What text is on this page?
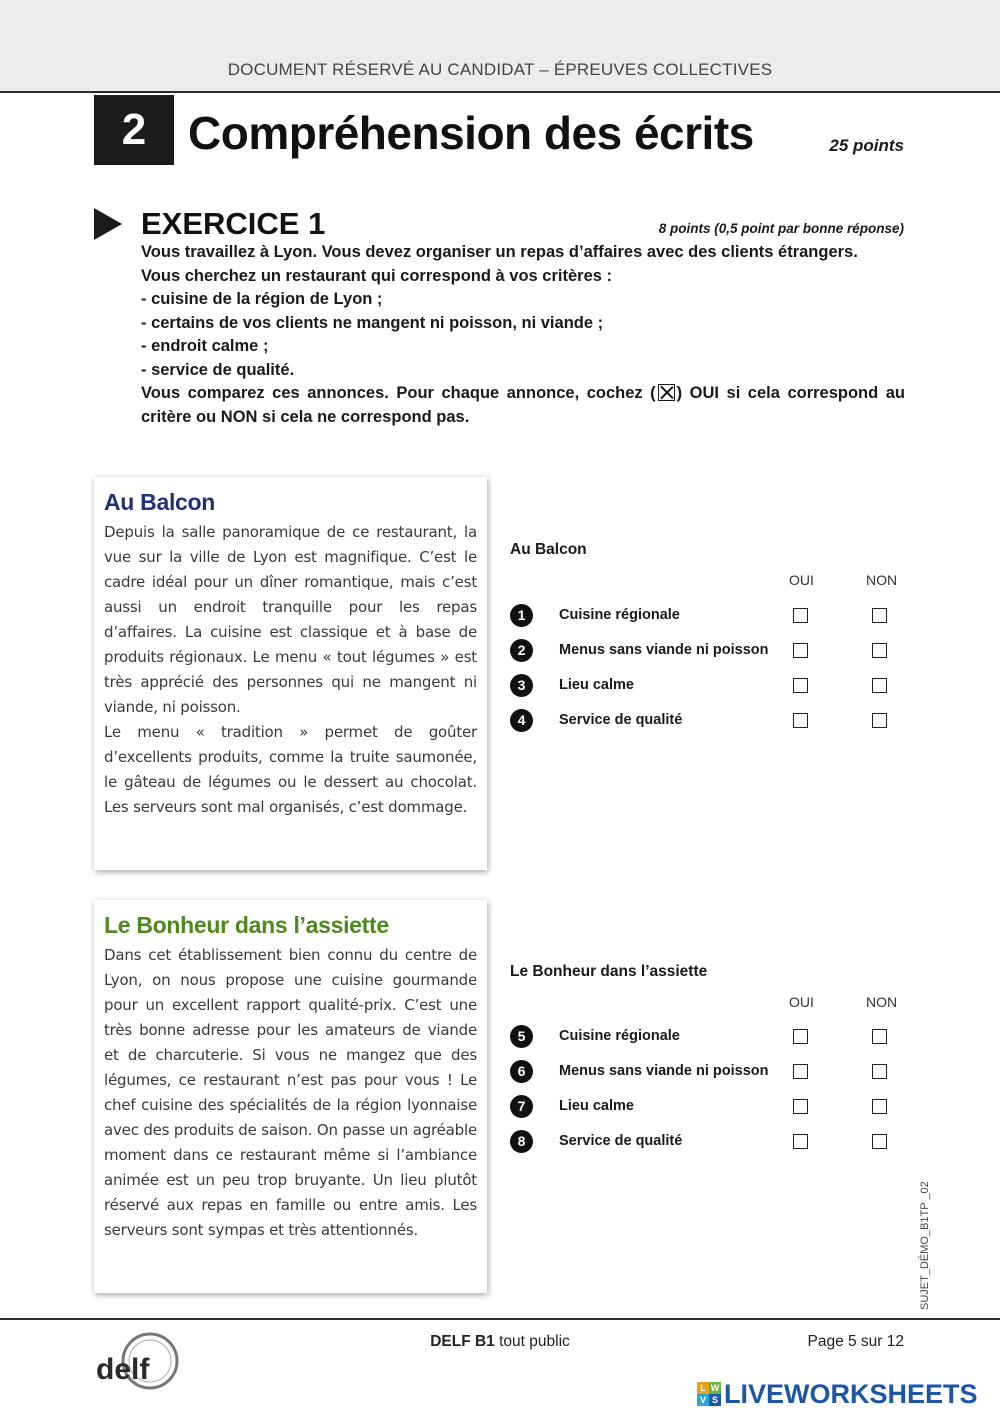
DOCUMENT RÉSERVÉ AU CANDIDAT – ÉPREUVES COLLECTIVES
2 Compréhension des écrits	25 points
EXERCICE 1	8 points (0,5 point par bonne réponse)

Vous travaillez à Lyon. Vous devez organiser un repas d’affaires avec des clients étrangers.

Vous cherchez un restaurant qui correspond à vos critères :

- cuisine de la région de Lyon ;

- certains de vos clients ne mangent ni poisson, ni viande ;

- endroit calme ;

- service de qualité.

Vous comparez ces annonces. Pour chaque annonce, cochez ( ) OUI si cela correspond au critère ou NON si cela ne correspond pas.

Au Balcon

Depuis la salle panoramique de ce restaurant, la vue sur la ville de Lyon est magnifique. C’est le cadre idéal pour un dîner romantique, mais c’est aussi un endroit tranquille pour les repas d’affaires. La cuisine est classique et à base de produits régionaux. Le menu « tout légumes » est très apprécié des personnes qui ne mangent ni viande, ni poisson.

Le menu « tradition » permet de goûter d’excellents produits, comme la truite saumonée, le gâteau de légumes ou le dessert au chocolat. Les serveurs sont mal organisés, c’est dommage.

Au Balcon
OUI	NON
1	Cuisine régionale
2	Menus sans viande ni poisson
3	Lieu calme
4	Service de qualité
Le Bonheur dans l’assiette

Dans cet établissement bien connu du centre de Lyon, on nous propose une cuisine gourmande pour un excellent rapport qualité-prix. C’est une très bonne adresse pour les amateurs de viande et de charcuterie. Si vous ne mangez que des légumes, ce restaurant n’est pas pour vous ! Le chef cuisine des spécialités de la région lyonnaise avec des produits de saison. On passe un agréable moment dans ce restaurant même si l’ambiance animée est un peu trop bruyante. Un lieu plutôt réservé aux repas en famille ou entre amis. Les serveurs sont sympas et très attentionnés.

Le Bonheur dans l’assiette
OUI	NON
5	Cuisine régionale
6	Menus sans viande ni poisson
7	Lieu calme
8	Service de qualité
SUJET_DÉMO_B1TP _02
delf
DELF B1 tout public	Page 5 sur 12
L W
V S LIVEWORKSHEETS
